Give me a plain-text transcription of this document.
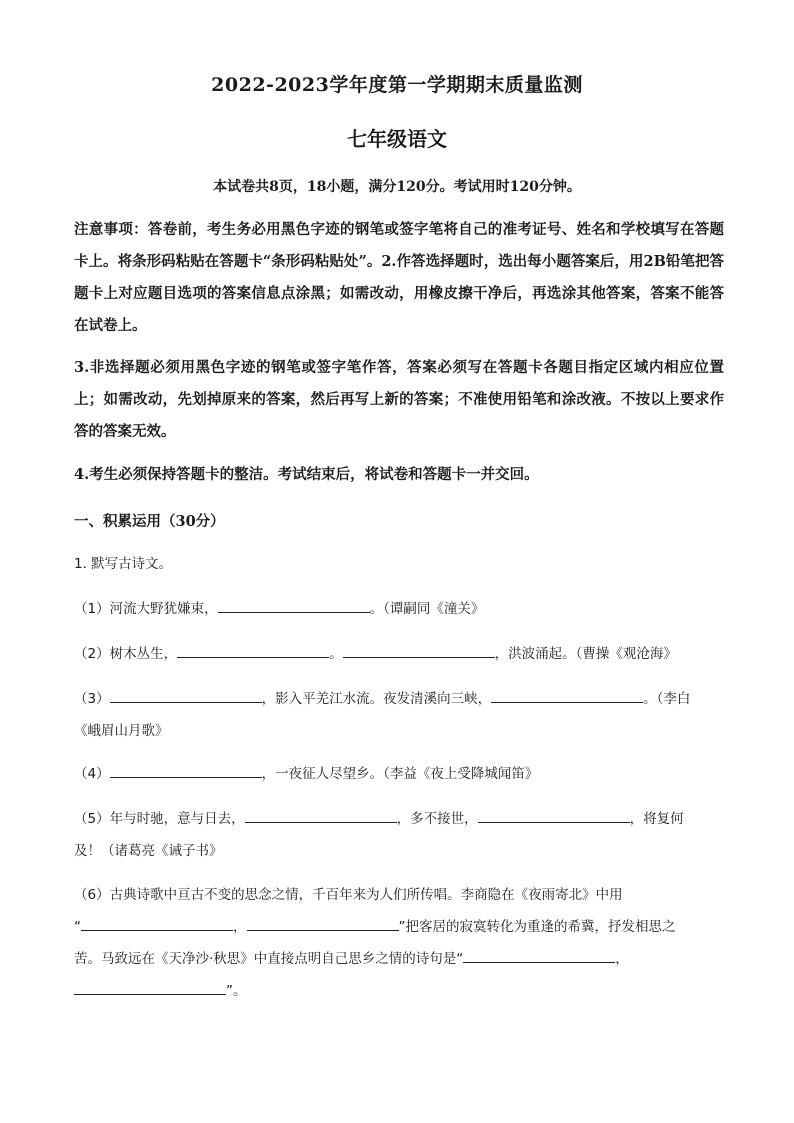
2022-2023学年度第一学期期末质量监测
七年级语文
本试卷共8页，18小题，满分120分。考试用时120分钟。
注意事项：答卷前，考生务必用黑色字迹的钢笔或签字笔将自己的准考证号、姓名和学校填写在答题卡上。将条形码粘贴在答题卡“条形码粘贴处”。2.作答选择题时，选出每小题答案后，用2B铅笔把答题卡上对应题目选项的答案信息点涂黑；如需改动，用橡皮擦干净后，再选涂其他答案，答案不能答在试卷上。
3.非选择题必须用黑色字迹的钢笔或签字笔作答，答案必须写在答题卡各题目指定区域内相应位置上；如需改动，先划掉原来的答案，然后再写上新的答案；不准使用铅笔和涂改液。不按以上要求作答的答案无效。
4.考生必须保持答题卡的整洁。考试结束后，将试卷和答题卡一并交回。
一、积累运用（30分）
1. 默写古诗文。
（1）河流大野犹嫌束，	。（谭嗣同《潼关》
（2）树木丛生，	。	，洪波涌起。（曹操《观沧海》
（3）	，影入平羌江水流。夜发清溪向三峡，	。（李白
《峨眉山月歌》
（4）	，一夜征人尽望乡。（李益《夜上受降城闻笛》
（5）年与时驰，意与日去，	，多不接世，	，将复何
及！（诸葛亮《诫子书》
（6）古典诗歌中亘古不变的思念之情，千百年来为人们所传唱。李商隐在《夜雨寄北》中用
“	，	”把客居的寂寞转化为重逢的希冀，抒发相思之
苦。马致远在《天净沙·秋思》中直接点明自己思乡之情的诗句是“	，
”。
